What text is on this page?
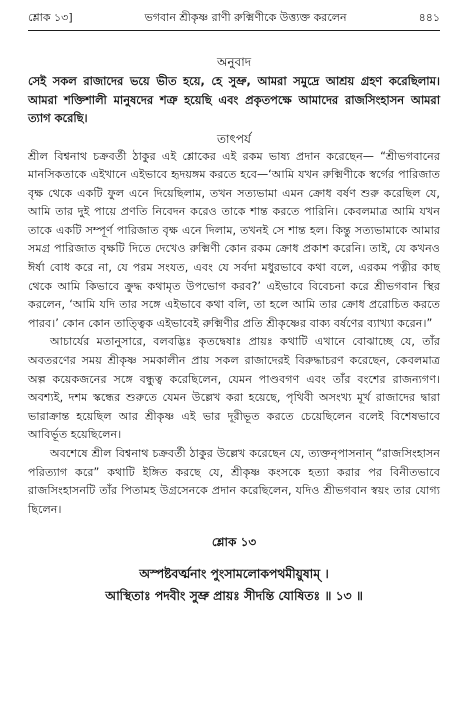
শ্লোক ১৩]	ভগবান শ্রীকৃষ্ণ রাণী রুক্মিণীকে উত্ত্যক্ত করলেন	৪৪১

অনুবাদ

সেই সকল রাজাদের ভয়ে ভীত হয়ে, হে সুভ্রু, আমরা সমুদ্রে আশ্রয় গ্রহণ করেছিলাম। আমরা শক্তিশালী মানুষদের শত্রু হয়েছি এবং প্রকৃতপক্ষে আমাদের রাজসিংহাসন আমরা ত্যাগ করেছি।

তাৎপর্য

শ্রীল বিশ্বনাথ চক্রবর্তী ঠাকুর এই শ্লোকের এই রকম ভাষ্য প্রদান করেছেন— “শ্রীভগবানের মানসিকতাকে এইখানে এইভাবে হৃদয়ঙ্গম করতে হবে—‘আমি যখন রুক্মিণীকে স্বর্গের পারিজাত বৃক্ষ থেকে একটি ফুল এনে দিয়েছিলাম, তখন সত্যভামা এমন ক্রোধ বর্ষণ শুরু করেছিল যে, আমি তার দুই পায়ে প্রণতি নিবেদন করেও তাকে শান্ত করতে পারিনি। কেবলমাত্র আমি যখন তাকে একটি সম্পূর্ণ পারিজাত বৃক্ষ এনে দিলাম, তখনই সে শান্ত হল। কিন্তু সত্যভামাকে আমার সমগ্র পারিজাত বৃক্ষটি দিতে দেখেও রুক্মিণী কোন রকম ক্রোধ প্রকাশ করেনি। তাই, যে কখনও ঈর্ষা বোধ করে না, যে পরম সংযত, এবং যে সর্বদা মধুরভাবে কথা বলে, এরকম পত্নীর কাছ থেকে আমি কিভাবে ক্রুদ্ধ কথামৃত উপভোগ করব?’ এইভাবে বিবেচনা করে শ্রীভগবান স্থির করলেন, ‘আমি যদি তার সঙ্গে এইভাবে কথা বলি, তা হলে আমি তার ক্রোধ প্ররোচিত করতে পারব।’ কোন কোন তাত্ত্বিক এইভাবেই রুক্মিণীর প্রতি শ্রীকৃষ্ণের বাক্য বর্ষণের ব্যাখ্যা করেন।”

আচার্যের মতানুসারে, বলবদ্ভিঃ কৃতদ্বেষাঃ প্রায়ঃ কথাটি এখানে বোঝাচ্ছে যে, তাঁর অবতরণের সময় শ্রীকৃষ্ণ সমকালীন প্রায় সকল রাজাদেরই বিরুদ্ধাচরণ করেছেন, কেবলমাত্র অল্প কয়েকজনের সঙ্গে বন্ধুত্ব করেছিলেন, যেমন পাণ্ডবগণ এবং তাঁর বংশের রাজন্যগণ। অবশ্যই, দশম স্কন্ধের শুরুতে যেমন উল্লেখ করা হয়েছে, পৃথিবী অসংখ্য মূর্খ রাজাদের দ্বারা ভারাক্রান্ত হয়েছিল আর শ্রীকৃষ্ণ এই ভার দূরীভূত করতে চেয়েছিলেন বলেই বিশেষভাবে আবির্ভূত হয়েছিলেন।

অবশেষে শ্রীল বিশ্বনাথ চক্রবর্তী ঠাকুর উল্লেখ করেছেন যে, ত্যক্তনৃপাসনান্ “রাজসিংহাসন পরিত্যাগ করে” কথাটি ইঙ্গিত করছে যে, শ্রীকৃষ্ণ কংসকে হত্যা করার পর বিনীতভাবে রাজসিংহাসনটি তাঁর পিতামহ উগ্রসেনকে প্রদান করেছিলেন, যদিও শ্রীভগবান স্বয়ং তার যোগ্য ছিলেন।

শ্লোক ১৩

অস্পষ্টবর্ত্মনাং পুংসামলোকপথমীয়ুষাম্ ।

আস্থিতাঃ পদবীং সুভ্রু প্রায়ঃ সীদন্তি যোষিতঃ ॥ ১৩ ॥
